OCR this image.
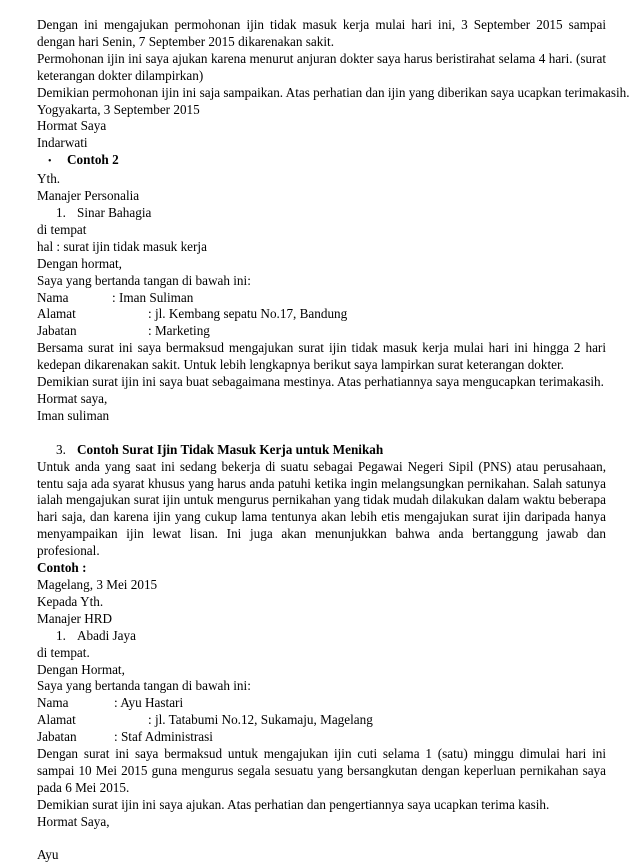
Dengan ini mengajukan permohonan ijin tidak masuk kerja mulai hari ini, 3 September 2015 sampai dengan hari Senin, 7 September 2015 dikarenakan sakit.
Permohonan ijin ini saya ajukan karena menurut anjuran dokter saya harus beristirahat selama 4 hari. (surat keterangan dokter dilampirkan)
Demikian permohonan ijin ini saja sampaikan. Atas perhatian dan ijin yang diberikan saya ucapkan terimakasih.
Yogyakarta, 3 September 2015
Hormat Saya
Indarwati
• Contoh 2
Yth.
Manajer Personalia
1. Sinar Bahagia
di tempat
hal : surat ijin tidak masuk kerja
Dengan hormat,
Saya yang bertanda tangan di bawah ini:
Nama	: Iman Suliman
Alamat	: jl. Kembang sepatu No.17, Bandung
Jabatan	: Marketing
Bersama surat ini saya bermaksud mengajukan surat ijin tidak masuk kerja mulai hari ini hingga 2 hari kedepan dikarenakan sakit. Untuk lebih lengkapnya berikut saya lampirkan surat keterangan dokter.
Demikian surat ijin ini saya buat sebagaimana mestinya. Atas perhatiannya saya mengucapkan terimakasih.
Hormat saya,
Iman suliman
3. Contoh Surat Ijin Tidak Masuk Kerja untuk Menikah
Untuk anda yang saat ini sedang bekerja di suatu sebagai Pegawai Negeri Sipil (PNS) atau perusahaan, tentu saja ada syarat khusus yang harus anda patuhi ketika ingin melangsungkan pernikahan. Salah satunya ialah mengajukan surat ijin untuk mengurus pernikahan yang tidak mudah dilakukan dalam waktu beberapa hari saja, dan karena ijin yang cukup lama tentunya akan lebih etis mengajukan surat ijin daripada hanya menyampaikan ijin lewat lisan. Ini juga akan menunjukkan bahwa anda bertanggung jawab dan profesional.
Contoh :
Magelang, 3 Mei 2015
Kepada Yth.
Manajer HRD
1. Abadi Jaya
di tempat.
Dengan Hormat,
Saya yang bertanda tangan di bawah ini:
Nama	: Ayu Hastari
Alamat	: jl. Tatabumi No.12, Sukamaju, Magelang
Jabatan	: Staf Administrasi
Dengan surat ini saya bermaksud untuk mengajukan ijin cuti selama 1 (satu) minggu dimulai hari ini sampai 10 Mei 2015 guna mengurus segala sesuatu yang bersangkutan dengan keperluan pernikahan saya pada 6 Mei 2015.
Demikian surat ijin ini saya ajukan. Atas perhatian dan pengertiannya saya ucapkan terima kasih.
Hormat Saya,
Ayu
